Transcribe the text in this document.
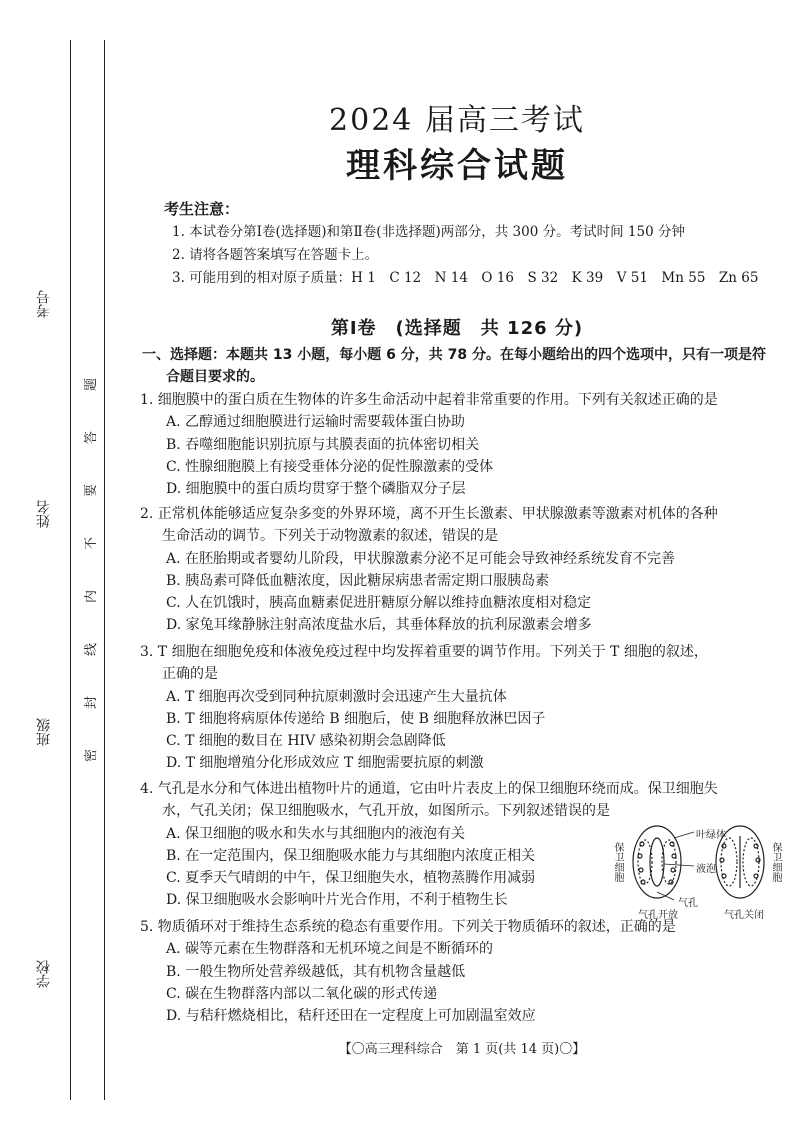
考号
姓名
班级
学校
题
答
要
不
内
线
封
密
2024 届高三考试
理科综合试题
考生注意：
1. 本试卷分第Ⅰ卷(选择题)和第Ⅱ卷(非选择题)两部分，共 300 分。考试时间 150 分钟
2. 请将各题答案填写在答题卡上。
3. 可能用到的相对原子质量：H 1　C 12　N 14　O 16　S 32　K 39　V 51　Mn 55　Zn 65
第Ⅰ卷　(选择题　共 126 分)
一、选择题：本题共 13 小题，每小题 6 分，共 78 分。在每小题给出的四个选项中，只有一项是符
合题目要求的。
1. 细胞膜中的蛋白质在生物体的许多生命活动中起着非常重要的作用。下列有关叙述正确的是
A. 乙醇通过细胞膜进行运输时需要载体蛋白协助
B. 吞噬细胞能识别抗原与其膜表面的抗体密切相关
C. 性腺细胞膜上有接受垂体分泌的促性腺激素的受体
D. 细胞膜中的蛋白质均贯穿于整个磷脂双分子层
2. 正常机体能够适应复杂多变的外界环境，离不开生长激素、甲状腺激素等激素对机体的各种
生命活动的调节。下列关于动物激素的叙述，错误的是
A. 在胚胎期或者婴幼儿阶段，甲状腺激素分泌不足可能会导致神经系统发育不完善
B. 胰岛素可降低血糖浓度，因此糖尿病患者需定期口服胰岛素
C. 人在饥饿时，胰高血糖素促进肝糖原分解以维持血糖浓度相对稳定
D. 家兔耳缘静脉注射高浓度盐水后，其垂体释放的抗利尿激素会增多
3. T 细胞在细胞免疫和体液免疫过程中均发挥着重要的调节作用。下列关于 T 细胞的叙述，
正确的是
A. T 细胞再次受到同种抗原刺激时会迅速产生大量抗体
B. T 细胞将病原体传递给 B 细胞后，使 B 细胞释放淋巴因子
C. T 细胞的数目在 HIV 感染初期会急剧降低
D. T 细胞增殖分化形成效应 T 细胞需要抗原的刺激
4. 气孔是水分和气体进出植物叶片的通道，它由叶片表皮上的保卫细胞环绕而成。保卫细胞失
水，气孔关闭；保卫细胞吸水，气孔开放，如图所示。下列叙述错误的是
A. 保卫细胞的吸水和失水与其细胞内的液泡有关
B. 在一定范围内，保卫细胞吸水能力与其细胞内浓度正相关
C. 夏季天气晴朗的中午，保卫细胞失水，植物蒸腾作用减弱
D. 保卫细胞吸水会影响叶片光合作用，不利于植物生长
5. 物质循环对于维持生态系统的稳态有重要作用。下列关于物质循环的叙述，正确的是
A. 碳等元素在生物群落和无机环境之间是不断循环的
B. 一般生物所处营养级越低，其有机物含量越低
C. 碳在生物群落内部以二氧化碳的形式传递
D. 与秸秆燃烧相比，秸秆还田在一定程度上可加剧温室效应
【〇高三理科综合　第 1 页(共 14 页)〇】
保卫细胞
叶绿体
液泡
气孔
保卫细胞
气孔开放	气孔关闭
